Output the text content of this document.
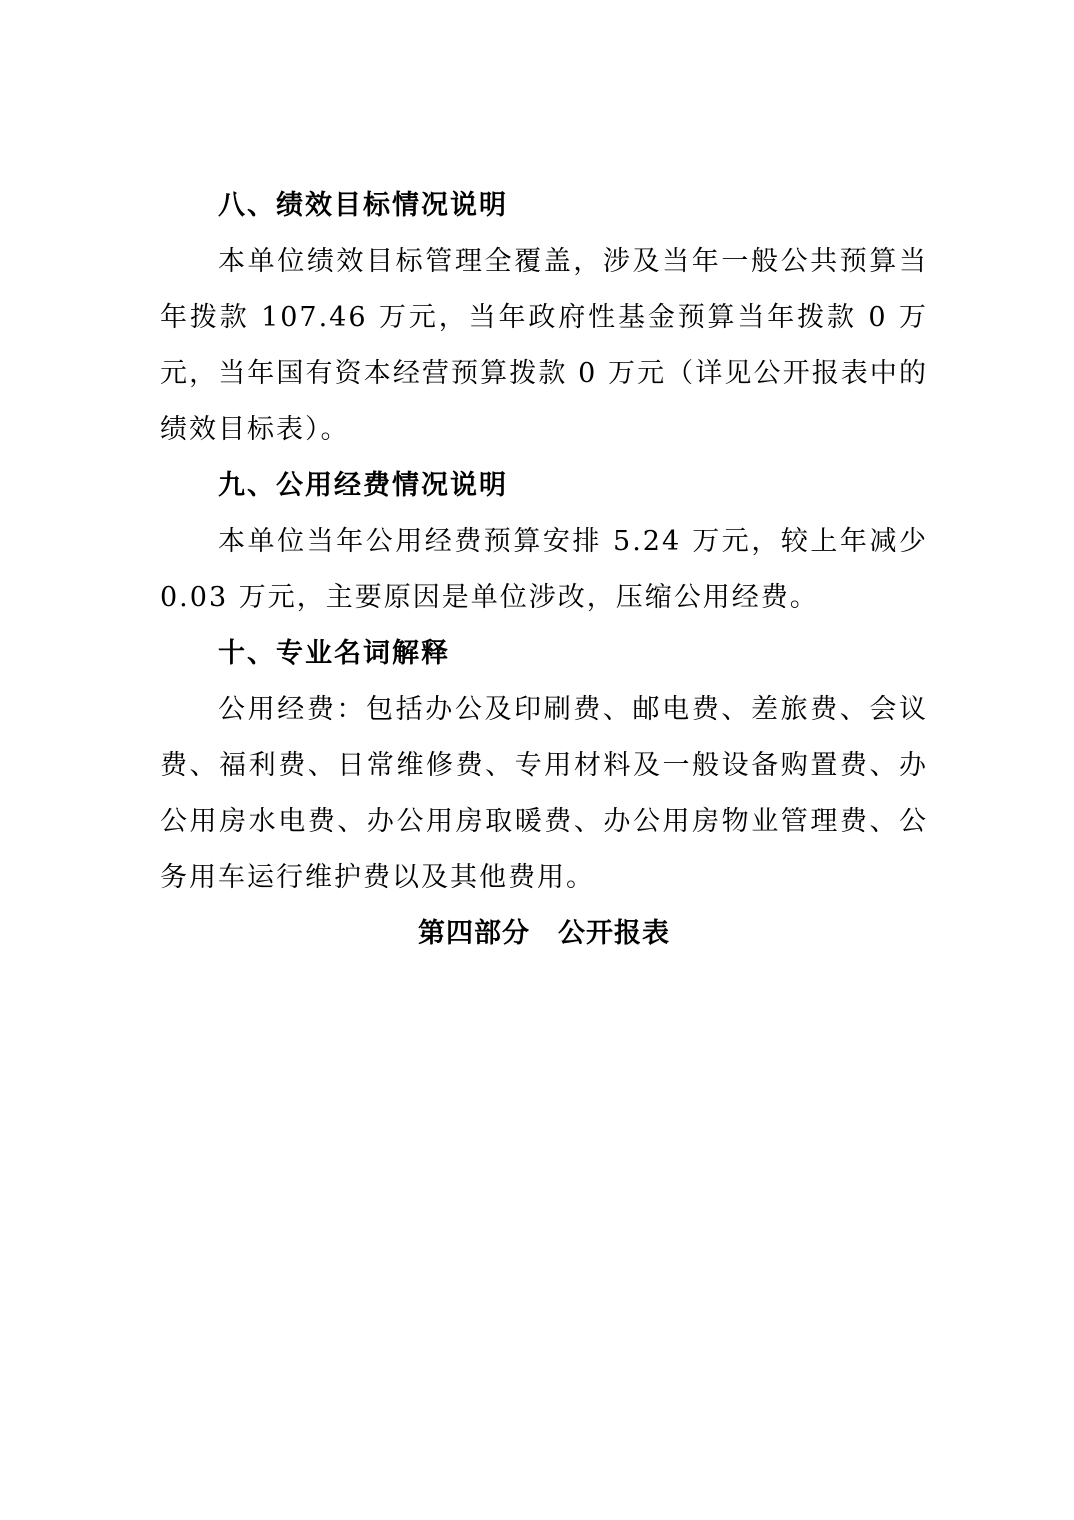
八、绩效目标情况说明

本单位绩效目标管理全覆盖，涉及当年一般公共预算当年拨款 107.46 万元，当年政府性基金预算当年拨款 0 万元，当年国有资本经营预算拨款 0 万元（详见公开报表中的绩效目标表）。

九、公用经费情况说明

本单位当年公用经费预算安排 5.24 万元，较上年减少 0.03 万元，主要原因是单位涉改，压缩公用经费。

十、专业名词解释

公用经费：包括办公及印刷费、邮电费、差旅费、会议费、福利费、日常维修费、专用材料及一般设备购置费、办公用房水电费、办公用房取暖费、办公用房物业管理费、公务用车运行维护费以及其他费用。

第四部分　公开报表
